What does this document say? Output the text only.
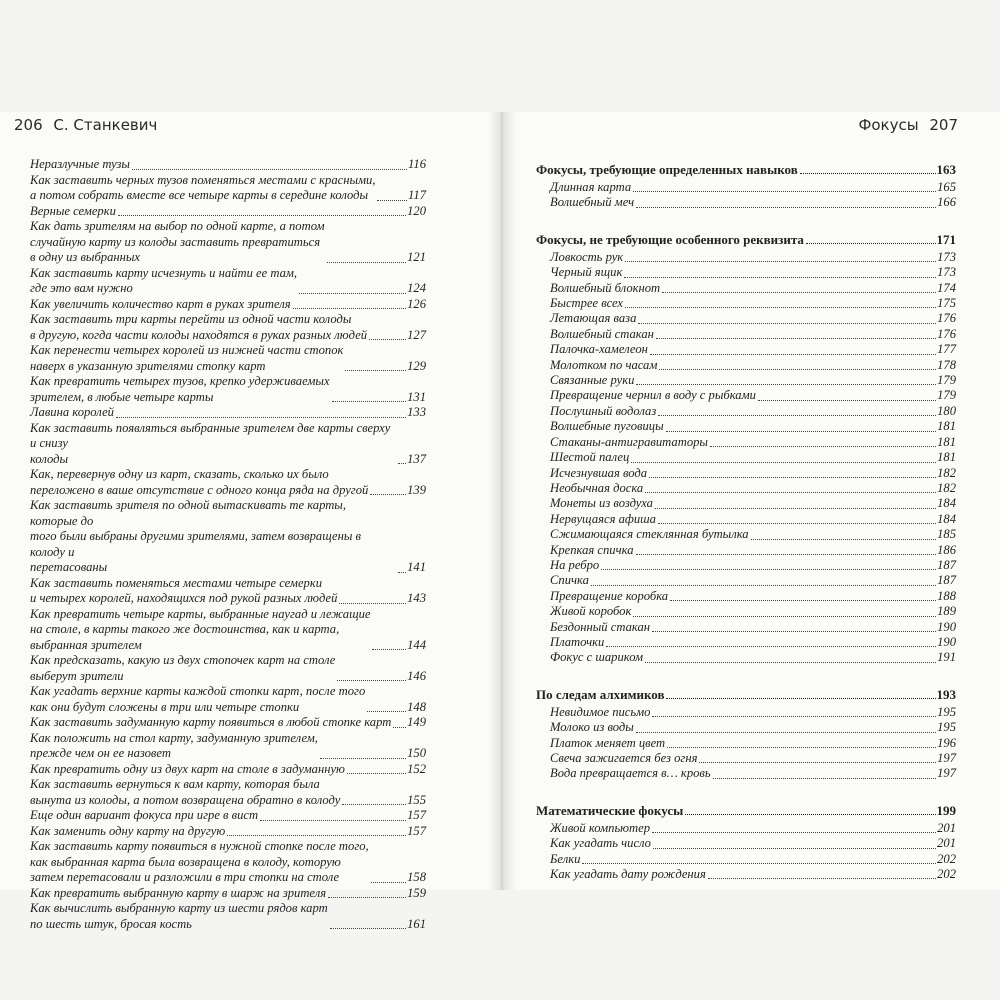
206 С. Станкевич
Неразлучные тузы	116
Как заставить черных тузов поменяться местами с красными,
а потом собрать вместе все четыре карты в середине колоды	117
Верные семерки	120
Как дать зрителям на выбор по одной карте, а потом
случайную карту из колоды заставить превратиться
в одну из выбранных	121
Как заставить карту исчезнуть и найти ее там,
где это вам нужно	124
Как увеличить количество карт в руках зрителя	126
Как заставить три карты перейти из одной части колоды
в другую, когда части колоды находятся в руках разных людей	127
Как перенести четырех королей из нижней части стопок
наверх в указанную зрителями стопку карт	129
Как превратить четырех тузов, крепко удерживаемых
зрителем, в любые четыре карты	131
Лавина королей	133
Как заставить появляться выбранные зрителем две карты сверху и снизу
колоды	137
Как, перевернув одну из карт, сказать, сколько их было
переложено в ваше отсутствие с одного конца ряда на другой	139
Как заставить зрителя по одной вытаскивать те карты, которые до
того были выбраны другими зрителями, затем возвращены в колоду и
перетасованы	141
Как заставить поменяться местами четыре семерки
и четырех королей, находящихся под рукой разных людей	143
Как превратить четыре карты, выбранные наугад и лежащие
на столе, в карты такого же достоинства, как и карта,
выбранная зрителем	144
Как предсказать, какую из двух стопочек карт на столе
выберут зрители	146
Как угадать верхние карты каждой стопки карт, после того
как они будут сложены в три или четыре стопки	148
Как заставить задуманную карту появиться в любой стопке карт 149
Как положить на стол карту, задуманную зрителем,
прежде чем он ее назовет	150
Как превратить одну из двух карт на столе в задуманную	152
Как заставить вернуться к вам карту, которая была
вынута из колоды, а потом возвращена обратно в колоду	155
Еще один вариант фокуса при игре в вист	157
Как заменить одну карту на другую	157
Как заставить карту появиться в нужной стопке после того,
как выбранная карта была возвращена в колоду, которую
затем перетасовали и разложили в три стопки на столе	158
Как превратить выбранную карту в шарж на зрителя	159
Как вычислить выбранную карту из шести рядов карт
по шесть штук, бросая кость	161
Фокусы 207
Фокусы, требующие определенных навыков	163
Длинная карта	165
Волшебный меч	166
Фокусы, не требующие особенного реквизита	171
Ловкость рук	173
Черный ящик	173
Волшебный блокнот	174
Быстрее всех	175
Летающая ваза	176
Волшебный стакан	176
Палочка-хамелеон	177
Молотком по часам	178
Связанные руки	179
Превращение чернил в воду с рыбками	179
Послушный водолаз	180
Волшебные пуговицы	181
Стаканы-антигравитаторы	181
Шестой палец	181
Исчезнувшая вода	182
Необычная доска	182
Монеты из воздуха	184
Нервущаяся афиша	184
Сжимающаяся стеклянная бутылка	185
Крепкая спичка	186
На ребро	187
Спичка	187
Превращение коробка	188
Живой коробок	189
Бездонный стакан	190
Платочки	190
Фокус с шариком	191
По следам алхимиков	193
Невидимое письмо	195
Молоко из воды	195
Платок меняет цвет	196
Свеча зажигается без огня	197
Вода превращается в… кровь	197
Математические фокусы	199
Живой компьютер	201
Как угадать число	201
Белки	202
Как угадать дату рождения	202
